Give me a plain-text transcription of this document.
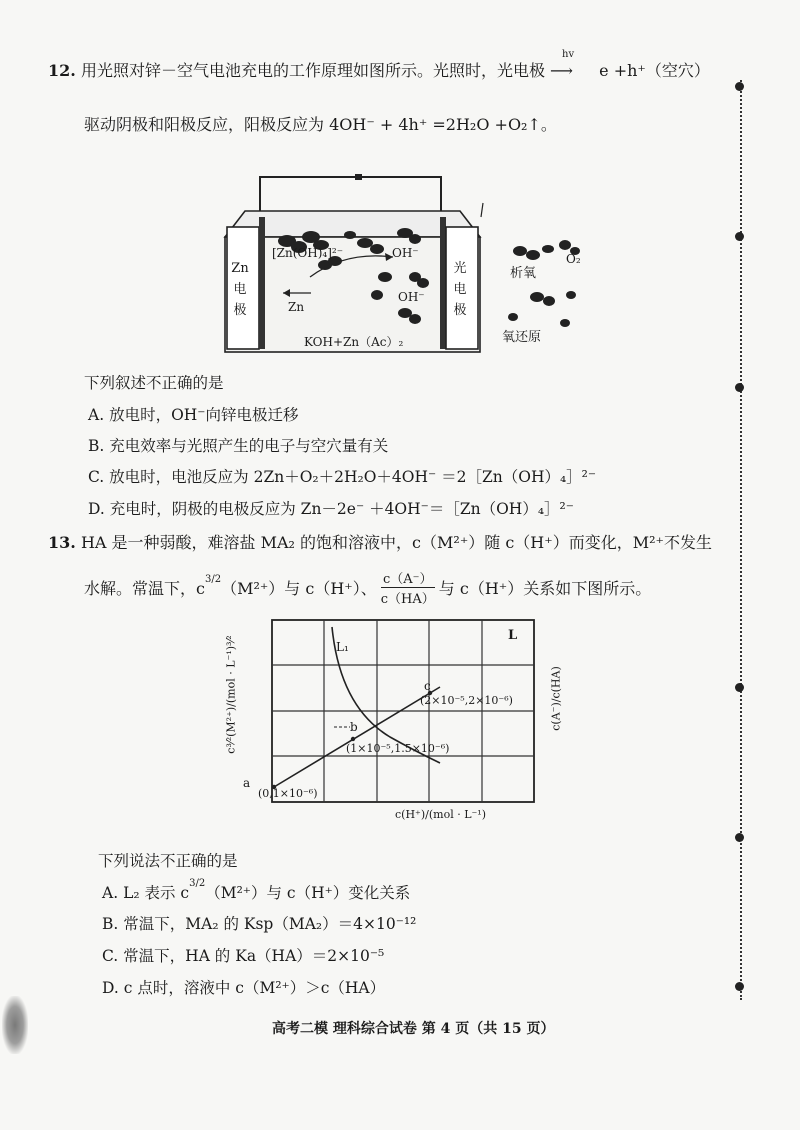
12. 用光照对锌－空气电池充电的工作原理如图所示。光照时，光电极
hv
⟶ e +h⁺（空穴）
驱动阴极和阳极反应，阳极反应为 4OH⁻ + 4h⁺ =2H₂O +O₂↑。
Zn
电
极
光
电
极
[Zn(OH)₄]²⁻	OH⁻
OH⁻
Zn
KOH+Zn（Ac）₂
析氧
O₂
氧还原
下列叙述不正确的是
A. 放电时，OH⁻向锌电极迁移
B. 充电效率与光照产生的电子与空穴量有关
C. 放电时，电池反应为 2Zn＋O₂＋2H₂O＋4OH⁻ ＝2［Zn（OH）₄］²⁻
D. 充电时，阴极的电极反应为 Zn－2e⁻ ＋4OH⁻＝［Zn（OH）₄］²⁻
13. HA 是一种弱酸，难溶盐 MA₂ 的饱和溶液中，c（M²⁺）随 c（H⁺）而变化，M²⁺不发生
水解。常温下，$c^{3/2}$ （M²⁺）与 c（H⁺）、 $\frac{c(A^-)}{c(HA)}$ 与 c（H⁺）关系如下图所示。
L₁
L
a
(0,1×10⁻⁶)
b
(1×10⁻⁵,1.5×10⁻⁶)
c
(2×10⁻⁵,2×10⁻⁶)
c³⁄²(M²⁺)/(mol · L⁻¹)³⁄²	c(A⁻)/c(HA)
c(H⁺)/(mol · L⁻¹)
下列说法不正确的是
A. L₂ 表示 $c^{3/2}(M^{2+})$与 c（H⁺）变化关系
B. 常温下，MA₂ 的 Ksp（MA₂）＝4×10⁻¹²
C. 常温下，HA 的 Ka（HA）＝2×10⁻⁵
D. c 点时，溶液中 c（M²⁺）＞c（HA）
高考二模 理科综合试卷 第 4 页（共 15 页）
